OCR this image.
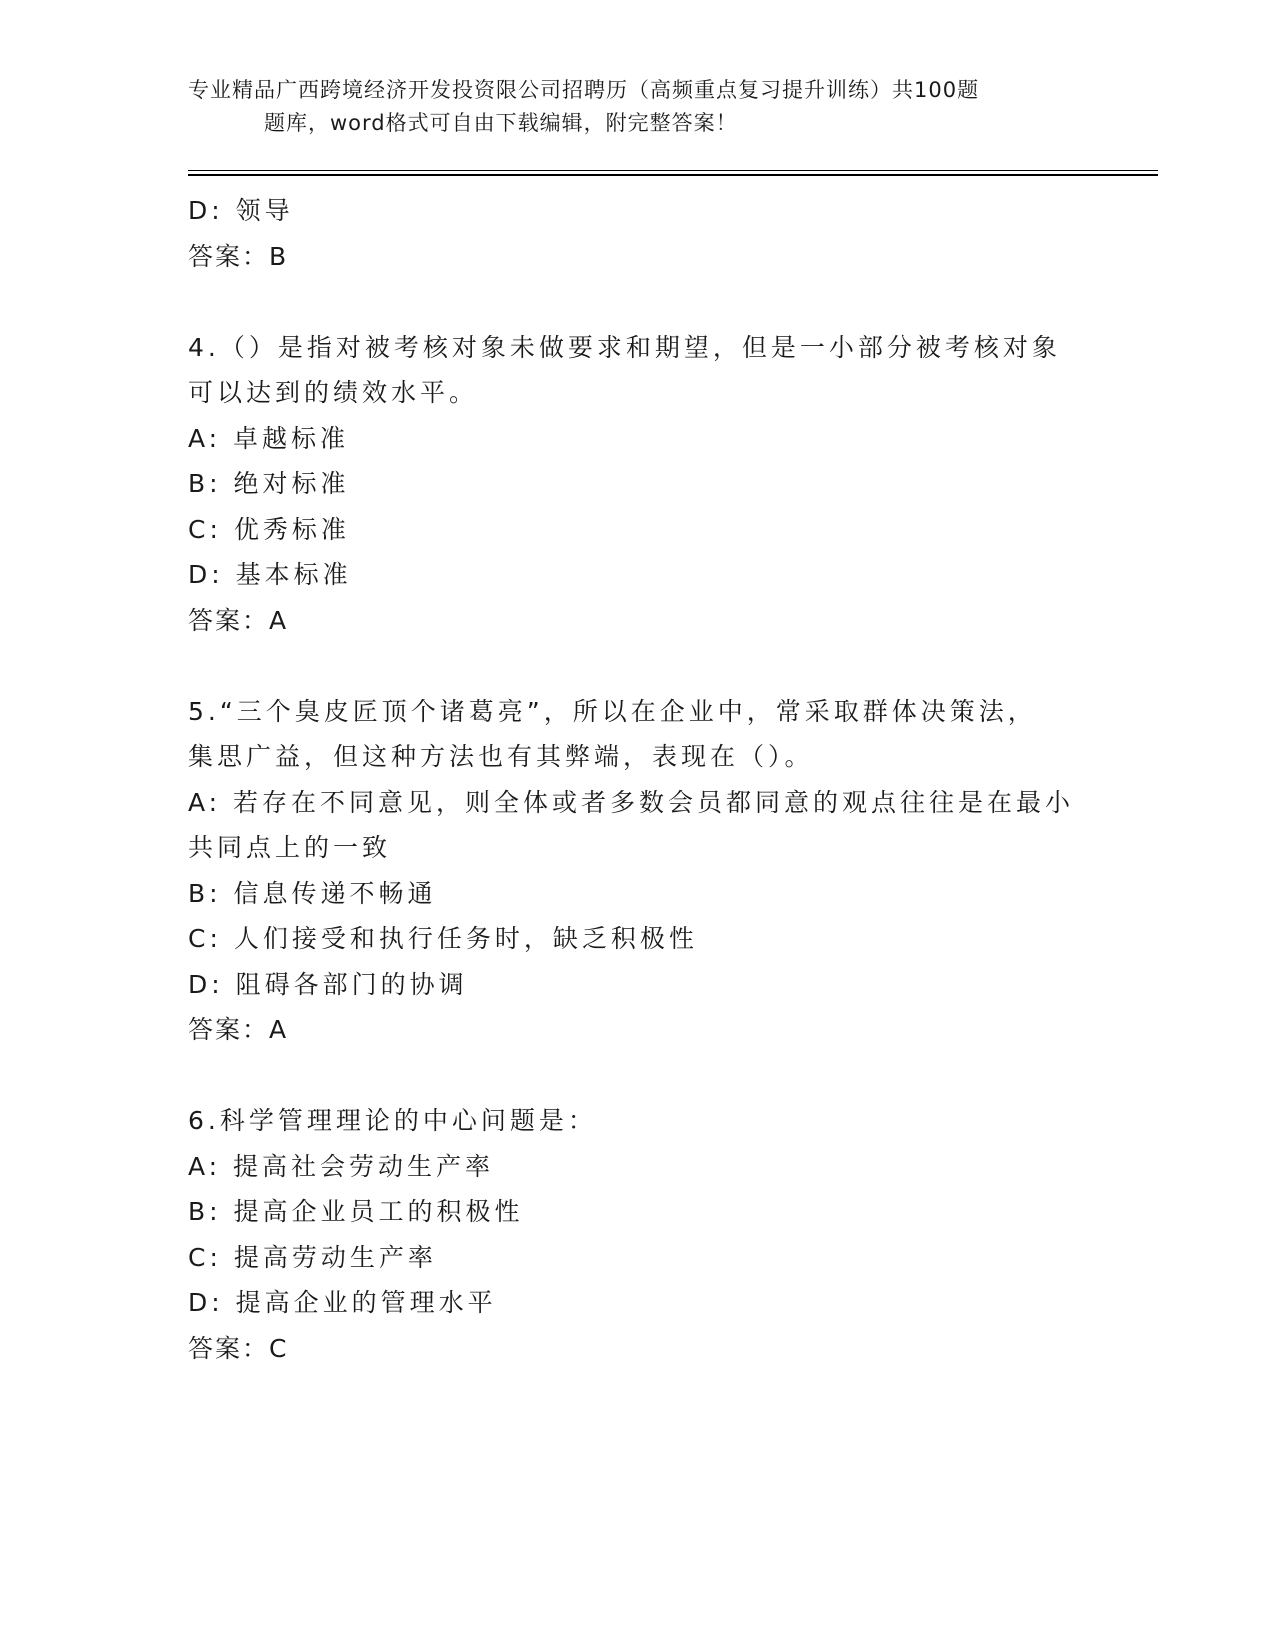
专业精品广西跨境经济开发投资限公司招聘历（高频重点复习提升训练）共100题
题库，word格式可自由下载编辑，附完整答案！
D: 领导
答案：B
4.（）是指对被考核对象未做要求和期望，但是一小部分被考核对象
可以达到的绩效水平。
A: 卓越标准
B: 绝对标准
C: 优秀标准
D: 基本标准
答案：A
5.“三个臭皮匠顶个诸葛亮”，所以在企业中，常采取群体决策法，
集思广益，但这种方法也有其弊端，表现在（）。
A: 若存在不同意见，则全体或者多数会员都同意的观点往往是在最小
共同点上的一致
B: 信息传递不畅通
C: 人们接受和执行任务时，缺乏积极性
D: 阻碍各部门的协调
答案：A
6.科学管理理论的中心问题是：
A: 提高社会劳动生产率
B: 提高企业员工的积极性
C: 提高劳动生产率
D: 提高企业的管理水平
答案：C
